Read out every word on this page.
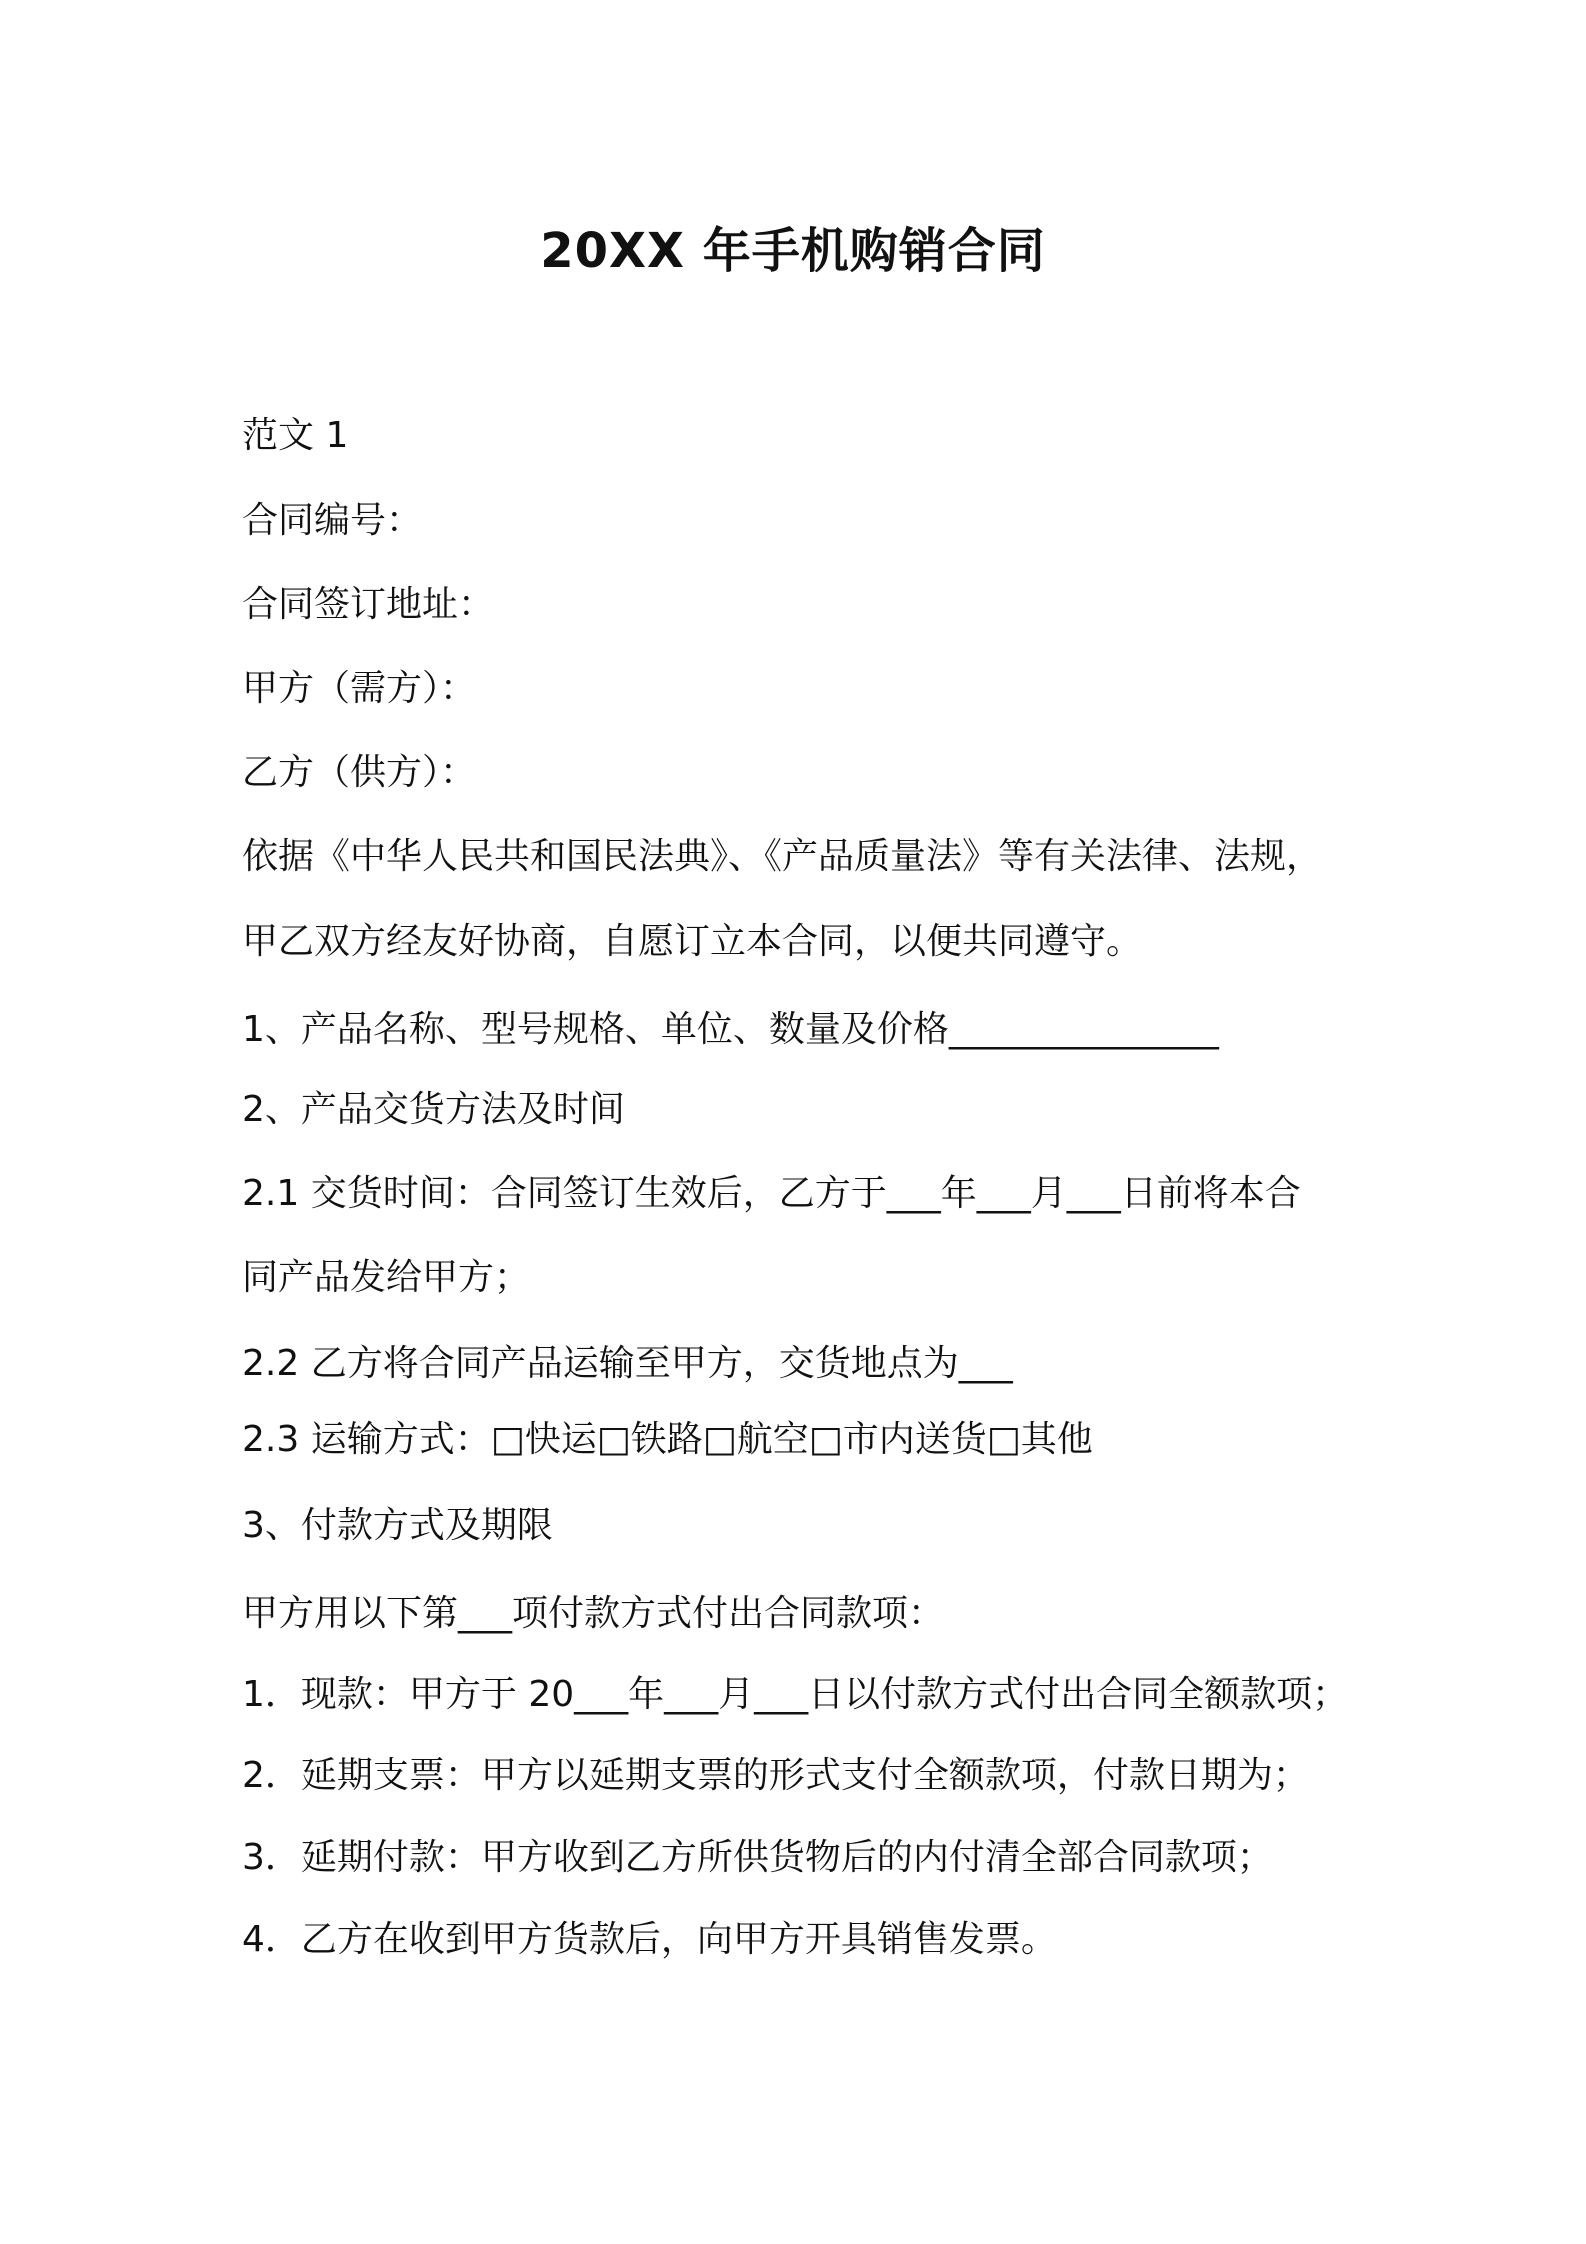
20XX 年手机购销合同
范文 1
合同编号：
合同签订地址：
甲方（需方）：
乙方（供方）：
依据《中华人民共和国民法典》、《产品质量法》等有关法律、法规，
甲乙双方经友好协商，自愿订立本合同，以便共同遵守。
1、产品名称、型号规格、单位、数量及价格_______________
2、产品交货方法及时间
2.1 交货时间：合同签订生效后，乙方于___年___月___日前将本合
同产品发给甲方；
2.2 乙方将合同产品运输至甲方，交货地点为___
2.3 运输方式：□快运□铁路□航空□市内送货□其他
3、付款方式及期限
甲方用以下第___项付款方式付出合同款项：
1．现款：甲方于 20___年___月___日以付款方式付出合同全额款项；
2．延期支票：甲方以延期支票的形式支付全额款项，付款日期为；
3．延期付款：甲方收到乙方所供货物后的内付清全部合同款项；
4．乙方在收到甲方货款后，向甲方开具销售发票。
